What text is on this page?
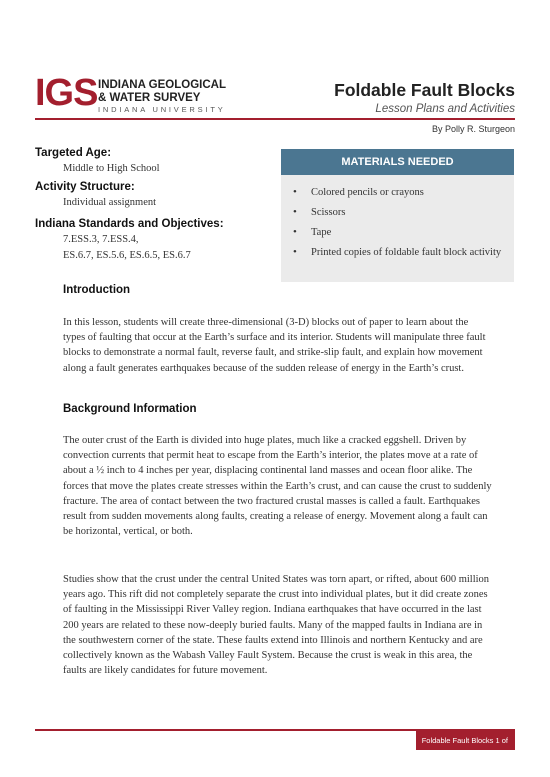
IGS INDIANA GEOLOGICAL
& WATER SURVEY
INDIANA UNIVERSITY
Foldable Fault Blocks
Lesson Plans and Activities
By Polly R. Sturgeon
Targeted Age:
Middle to High School
Activity Structure:
Individual assignment
Indiana Standards and Objectives:
7.ESS.3, 7.ESS.4,
ES.6.7, ES.5.6, ES.6.5, ES.6.7
MATERIALS NEEDED
• Colored pencils or crayons
• Scissors
• Tape
• Printed copies of foldable fault block activity
Introduction

In this lesson, students will create three-dimensional (3-D) blocks out of paper to learn about the types of faulting that occur at the Earth’s surface and its interior. Students will manipulate three fault blocks to demonstrate a normal fault, reverse fault, and strike-slip fault, and explain how movement along a fault generates earthquakes because of the sudden release of energy in the Earth’s crust.

Background Information

The outer crust of the Earth is divided into huge plates, much like a cracked eggshell. Driven by convection currents that permit heat to escape from the Earth’s interior, the plates move at a rate of about a ½ inch to 4 inches per year, displacing continental land masses and ocean floor alike. The forces that move the plates create stresses within the Earth’s crust, and can cause the crust to suddenly fracture. The area of contact between the two fractured crustal masses is called a fault. Earthquakes result from sudden movements along faults, creating a release of energy. Movement along a fault can be horizontal, vertical, or both.

Studies show that the crust under the central United States was torn apart, or rifted, about 600 million years ago. This rift did not completely separate the crust into individual plates, but it did create zones of faulting in the Mississippi River Valley region. Indiana earthquakes that have occurred in the last 200 years are related to these now-deeply buried faults. Many of the mapped faults in Indiana are in the southwestern corner of the state. These faults extend into Illinois and northern Kentucky and are collectively known as the Wabash Valley Fault System. Because the crust is weak in this area, the faults are likely candidates for future movement.

Foldable Fault Blocks 1 of 5
